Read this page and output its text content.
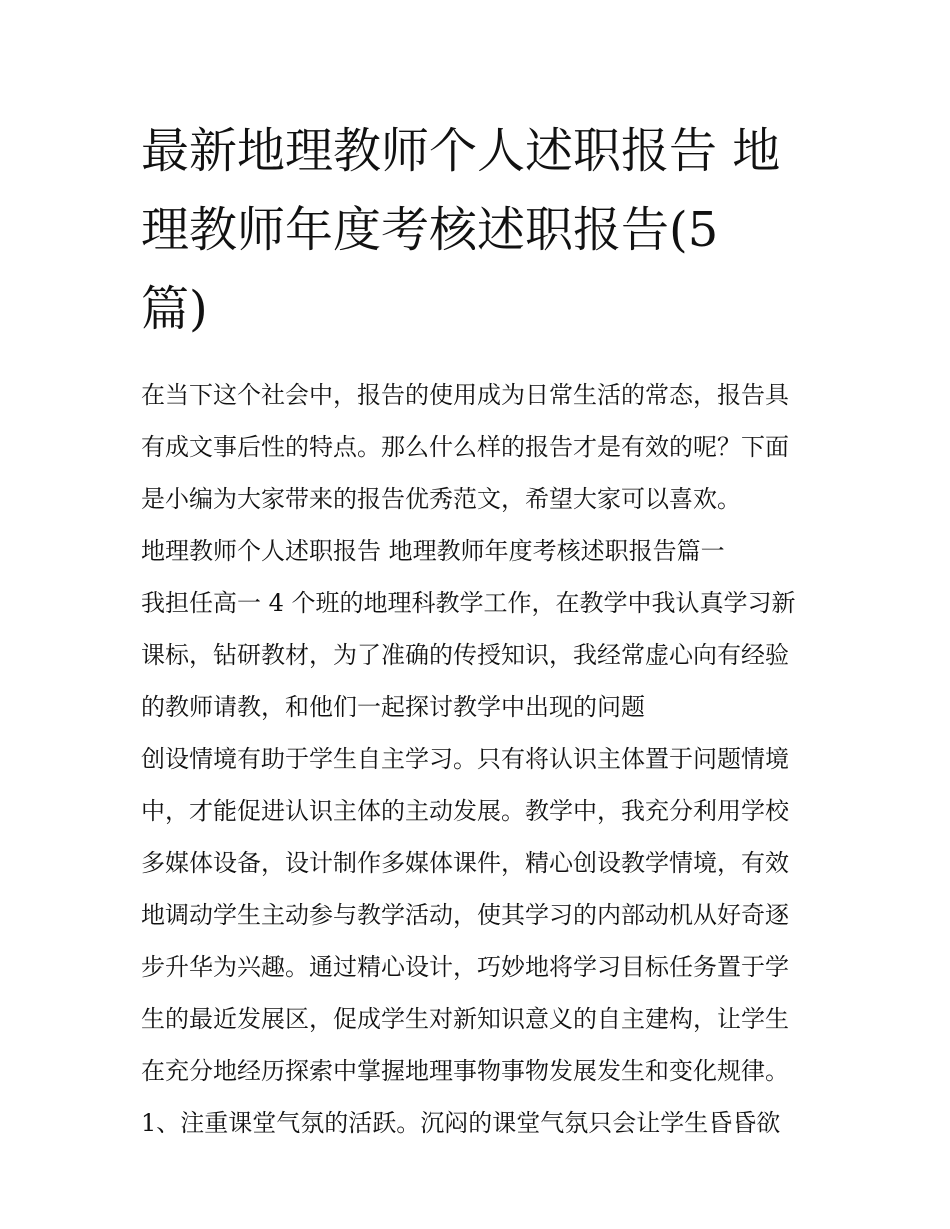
最新地理教师个人述职报告 地
理教师年度考核述职报告(5
篇)

在当下这个社会中，报告的使用成为日常生活的常态，报告具
有成文事后性的特点。那么什么样的报告才是有效的呢？下面
是小编为大家带来的报告优秀范文，希望大家可以喜欢。

地理教师个人述职报告 地理教师年度考核述职报告篇一

我担任高一 4 个班的地理科教学工作，在教学中我认真学习新
课标，钻研教材，为了准确的传授知识，我经常虚心向有经验
的教师请教，和他们一起探讨教学中出现的问题

创设情境有助于学生自主学习。只有将认识主体置于问题情境
中，才能促进认识主体的主动发展。教学中，我充分利用学校
多媒体设备，设计制作多媒体课件，精心创设教学情境，有效
地调动学生主动参与教学活动，使其学习的内部动机从好奇逐
步升华为兴趣。通过精心设计，巧妙地将学习目标任务置于学
生的最近发展区，促成学生对新知识意义的自主建构，让学生
在充分地经历探索中掌握地理事物事物发展发生和变化规律。

1、注重课堂气氛的活跃。沉闷的课堂气氛只会让学生昏昏欲
